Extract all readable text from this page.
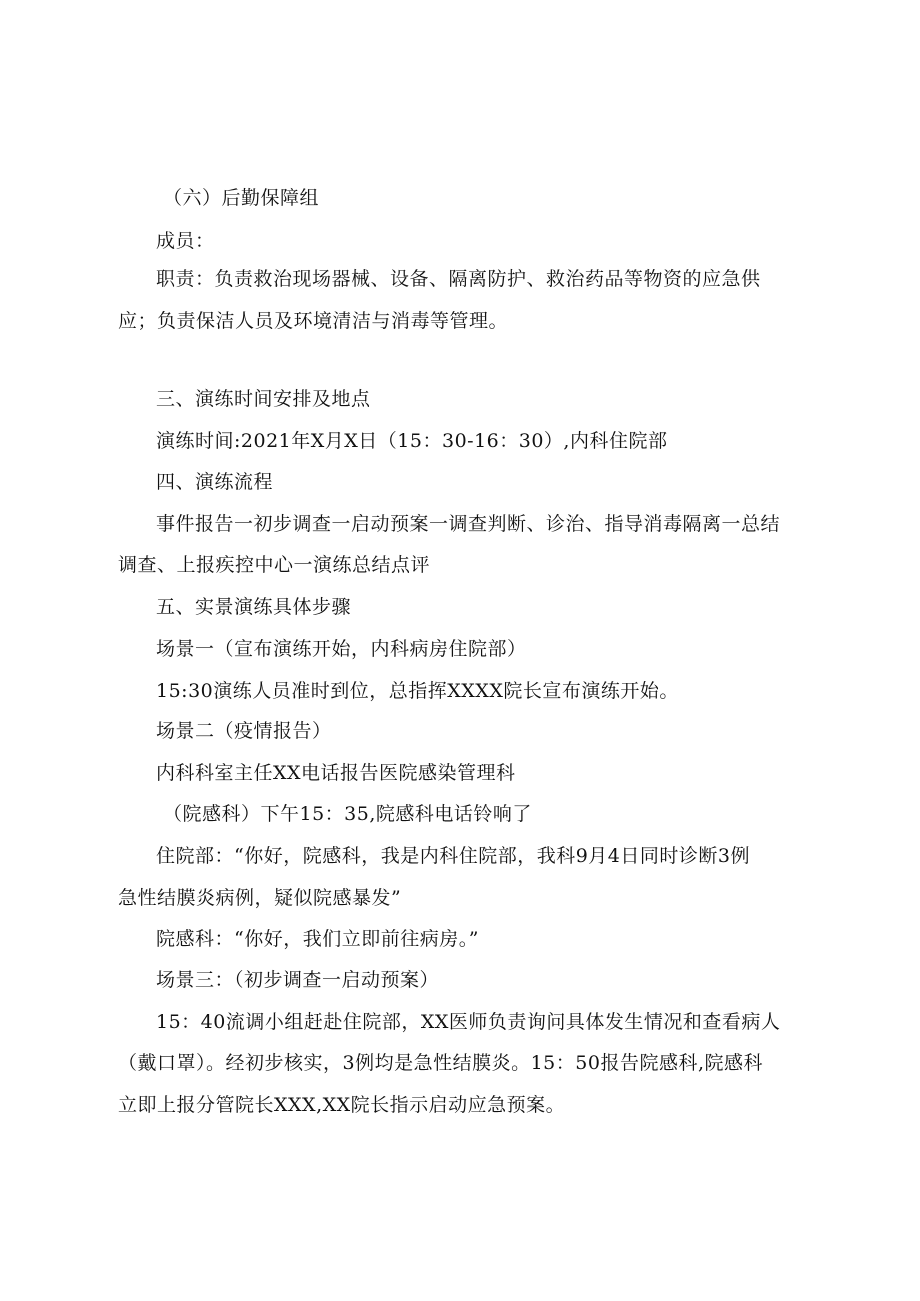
（六）后勤保障组
成员：
职责：负责救治现场器械、设备、隔离防护、救治药品等物资的应急供
应；负责保洁人员及环境清洁与消毒等管理。
三、演练时间安排及地点
演练时间:2021年X月X日（15：30-16：30）,内科住院部
四、演练流程
事件报告一初步调查一启动预案一调查判断、诊治、指导消毒隔离一总结
调查、上报疾控中心一演练总结点评
五、实景演练具体步骤
场景一（宣布演练开始，内科病房住院部）
15:30演练人员准时到位，总指挥XXXX院长宣布演练开始。
场景二（疫情报告）
内科科室主任XX电话报告医院感染管理科
（院感科）下午15：35,院感科电话铃响了
住院部：“你好，院感科，我是内科住院部，我科9月4日同时诊断3例
急性结膜炎病例，疑似院感暴发”
院感科：“你好，我们立即前往病房。”
场景三：（初步调查一启动预案）
15：40流调小组赶赴住院部，XX医师负责询问具体发生情况和查看病人
（戴口罩）。经初步核实，3例均是急性结膜炎。15：50报告院感科,院感科
立即上报分管院长XXX,XX院长指示启动应急预案。
